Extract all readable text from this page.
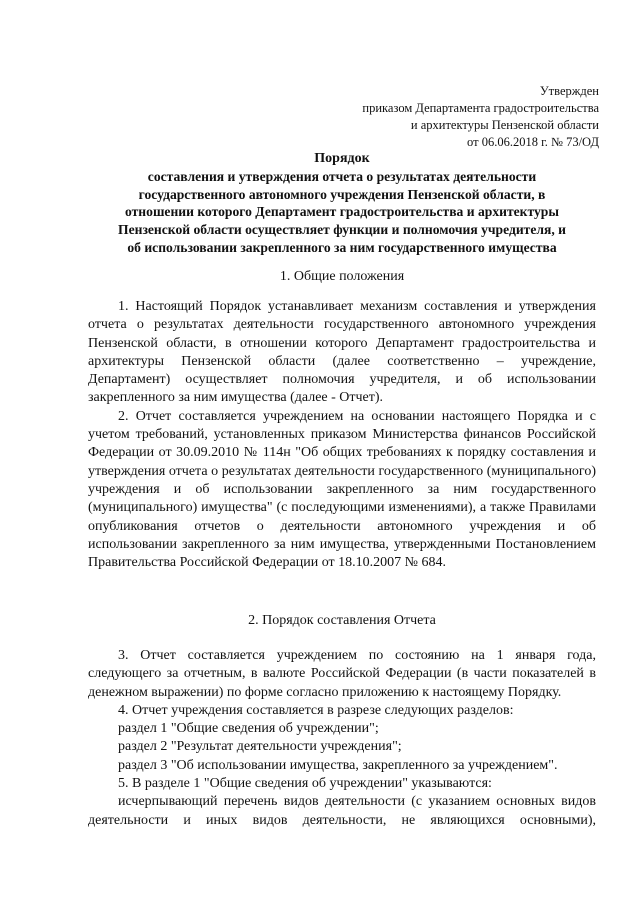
Утвержден
приказом Департамента градостроительства
и архитектуры Пензенской области
от 06.06.2018 г. № 73/ОД
Порядок
составления и утверждения отчета о результатах деятельности
государственного автономного учреждения Пензенской области, в
отношении которого Департамент градостроительства и архитектуры
Пензенской области осуществляет функции и полномочия учредителя, и
об использовании закрепленного за ним государственного имущества
1. Общие положения

1. Настоящий Порядок устанавливает механизм составления и утверждения отчета о результатах деятельности государственного автономного учреждения Пензенской области, в отношении которого Департамент градостроительства и архитектуры Пензенской области (далее соответственно – учреждение, Департамент) осуществляет полномочия учредителя, и об использовании закрепленного за ним имущества (далее - Отчет).

2. Отчет составляется учреждением на основании настоящего Порядка и с учетом требований, установленных приказом Министерства финансов Российской Федерации от 30.09.2010 № 114н "Об общих требованиях к порядку составления и утверждения отчета о результатах деятельности государственного (муниципального) учреждения и об использовании закрепленного за ним государственного (муниципального) имущества" (с последующими изменениями), а также Правилами опубликования отчетов о деятельности автономного учреждения и об использовании закрепленного за ним имущества, утвержденными Постановлением Правительства Российской Федерации от 18.10.2007 № 684.

2. Порядок составления Отчета

3. Отчет составляется учреждением по состоянию на 1 января года, следующего за отчетным, в валюте Российской Федерации (в части показателей в денежном выражении) по форме согласно приложению к настоящему Порядку.

4. Отчет учреждения составляется в разрезе следующих разделов:

раздел 1 "Общие сведения об учреждении";

раздел 2 "Результат деятельности учреждения";

раздел 3 "Об использовании имущества, закрепленного за учреждением".

5. В разделе 1 "Общие сведения об учреждении" указываются:

исчерпывающий перечень видов деятельности (с указанием основных видов деятельности и иных видов деятельности, не являющихся основными),
